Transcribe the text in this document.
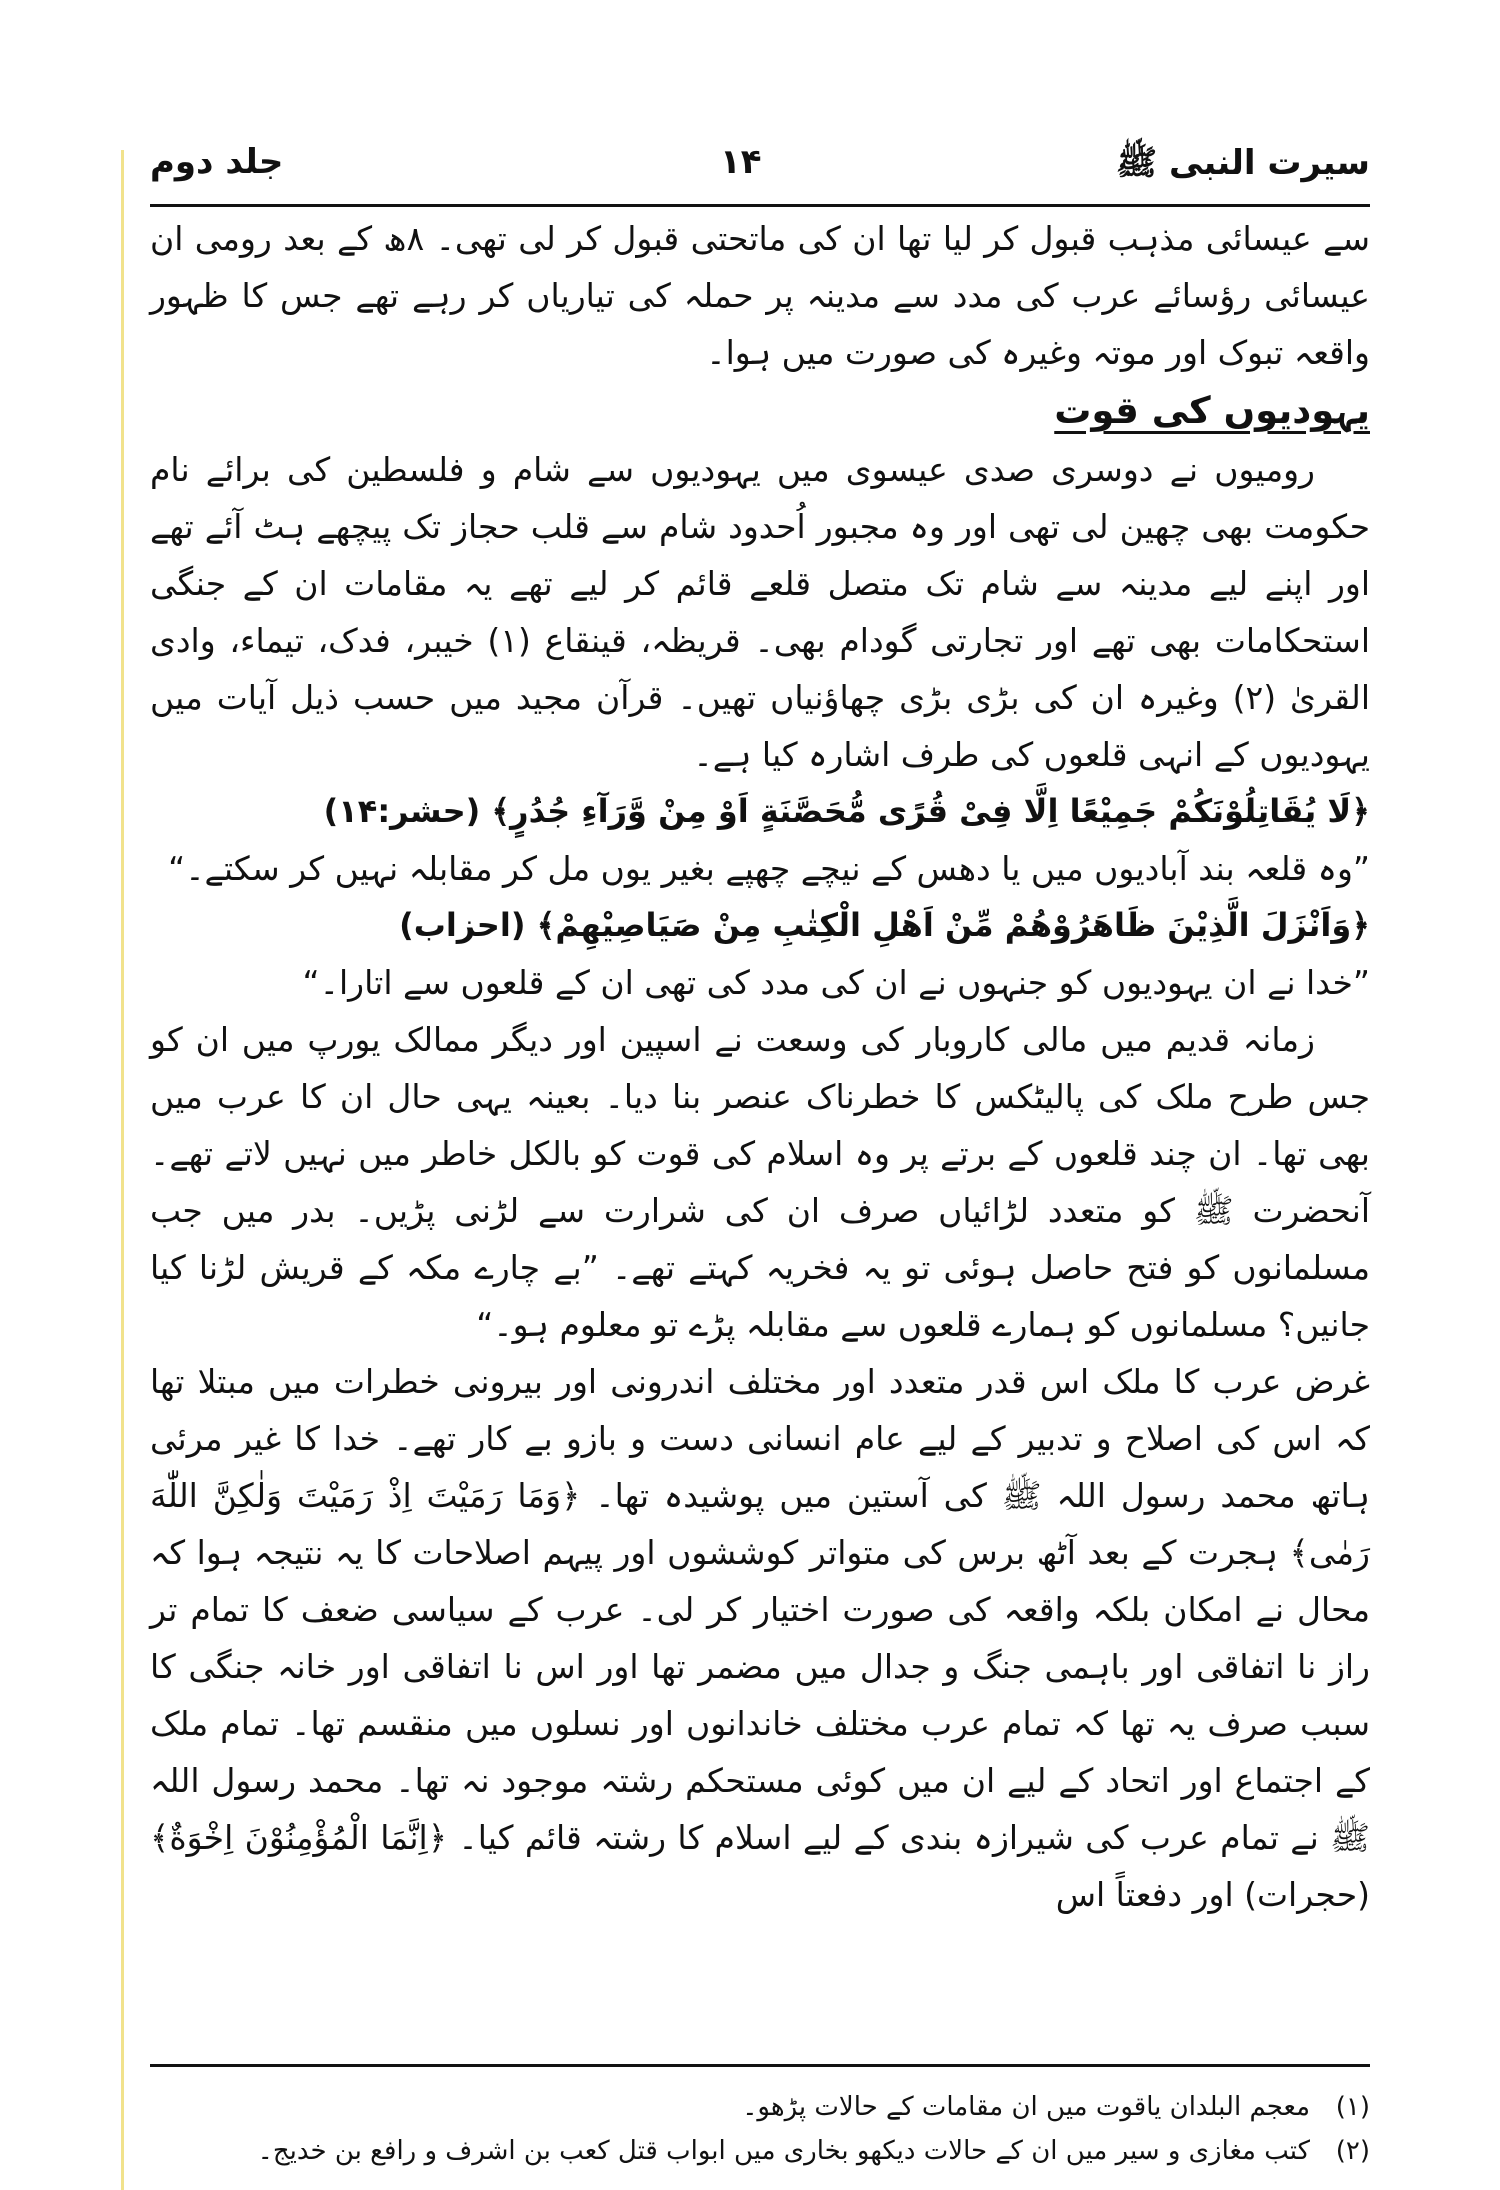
سیرت النبی ﷺ
۱۴
جلد دوم

سے عیسائی مذہب قبول کر لیا تھا ان کی ماتحتی قبول کر لی تھی۔ ۸ھ کے بعد رومی ان عیسائی رؤسائے عرب کی مدد سے مدینہ پر حملہ کی تیاریاں کر رہے تھے جس کا ظہور واقعہ تبوک اور موتہ وغیرہ کی صورت میں ہوا۔

یہودیوں کی قوت

رومیوں نے دوسری صدی عیسوی میں یہودیوں سے شام و فلسطین کی برائے نام حکومت بھی چھین لی تھی اور وہ مجبور اُحدود شام سے قلب حجاز تک پیچھے ہٹ آئے تھے اور اپنے لیے مدینہ سے شام تک متصل قلعے قائم کر لیے تھے یہ مقامات ان کے جنگی استحکامات بھی تھے اور تجارتی گودام بھی۔ قریظہ، قینقاع (۱) خیبر، فدک، تیماء، وادی القریٰ (۲) وغیرہ ان کی بڑی بڑی چھاؤنیاں تھیں۔ قرآن مجید میں حسب ذیل آیات میں یہودیوں کے انہی قلعوں کی طرف اشارہ کیا ہے۔

﴿لَا یُقَاتِلُوْنَكُمْ جَمِیْعًا اِلَّا فِیْ قُرًى مُّحَصَّنَةٍ اَوْ مِنْ وَّرَآءِ جُدُرٍ﴾ (حشر:۱۴)

”وہ قلعہ بند آبادیوں میں یا دھس کے نیچے چھپے بغیر یوں مل کر مقابلہ نہیں کر سکتے۔“

﴿وَاَنْزَلَ الَّذِیْنَ ظَاهَرُوْهُمْ مِّنْ اَهْلِ الْكِتٰبِ مِنْ صَیَاصِیْهِمْ﴾ (احزاب)

”خدا نے ان یہودیوں کو جنہوں نے ان کی مدد کی تھی ان کے قلعوں سے اتارا۔“

زمانہ قدیم میں مالی کاروبار کی وسعت نے اسپین اور دیگر ممالک یورپ میں ان کو جس طرح ملک کی پالیٹکس کا خطرناک عنصر بنا دیا۔ بعینہ یہی حال ان کا عرب میں بھی تھا۔ ان چند قلعوں کے برتے پر وہ اسلام کی قوت کو بالکل خاطر میں نہیں لاتے تھے۔ آنحضرت ﷺ کو متعدد لڑائیاں صرف ان کی شرارت سے لڑنی پڑیں۔ بدر میں جب مسلمانوں کو فتح حاصل ہوئی تو یہ فخریہ کہتے تھے۔ ”بے چارے مکہ کے قریش لڑنا کیا جانیں؟ مسلمانوں کو ہمارے قلعوں سے مقابلہ پڑے تو معلوم ہو۔“

غرض عرب کا ملک اس قدر متعدد اور مختلف اندرونی اور بیرونی خطرات میں مبتلا تھا کہ اس کی اصلاح و تدبیر کے لیے عام انسانی دست و بازو بے کار تھے۔ خدا کا غیر مرئی ہاتھ محمد رسول اللہ ﷺ کی آستین میں پوشیدہ تھا۔ ﴿وَمَا رَمَیْتَ اِذْ رَمَیْتَ وَلٰكِنَّ اللّٰهَ رَمٰى﴾ ہجرت کے بعد آٹھ برس کی متواتر کوششوں اور پیہم اصلاحات کا یہ نتیجہ ہوا کہ محال نے امکان بلکہ واقعہ کی صورت اختیار کر لی۔ عرب کے سیاسی ضعف کا تمام تر راز نا اتفاقی اور باہمی جنگ و جدال میں مضمر تھا اور اس نا اتفاقی اور خانہ جنگی کا سبب صرف یہ تھا کہ تمام عرب مختلف خاندانوں اور نسلوں میں منقسم تھا۔ تمام ملک کے اجتماع اور اتحاد کے لیے ان میں کوئی مستحکم رشتہ موجود نہ تھا۔ محمد رسول اللہ ﷺ نے تمام عرب کی شیرازہ بندی کے لیے اسلام کا رشتہ قائم کیا۔ ﴿اِنَّمَا الْمُؤْمِنُوْنَ اِخْوَةٌ﴾ (حجرات) اور دفعتاً اس

(۱)
معجم البلدان یاقوت میں ان مقامات کے حالات پڑھو۔
(۲)
کتب مغازی و سیر میں ان کے حالات دیکھو بخاری میں ابواب قتل کعب بن اشرف و رافع بن خدیج۔
